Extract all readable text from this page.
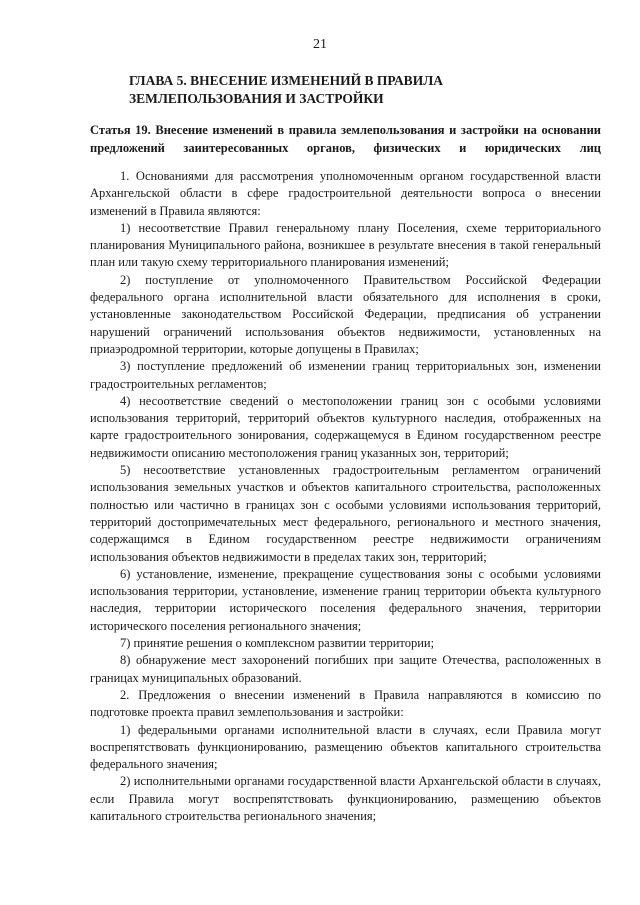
21
ГЛАВА 5. ВНЕСЕНИЕ ИЗМЕНЕНИЙ В ПРАВИЛА ЗЕМЛЕПОЛЬЗОВАНИЯ И ЗАСТРОЙКИ
Статья 19. Внесение изменений в правила землепользования и застройки на основании предложений заинтересованных органов, физических и юридических лиц

1. Основаниями для рассмотрения уполномоченным органом государственной власти Архангельской области в сфере градостроительной деятельности вопроса о внесении изменений в Правила являются:

1) несоответствие Правил генеральному плану Поселения, схеме территориального планирования Муниципального района, возникшее в результате внесения в такой генеральный план или такую схему территориального планирования изменений;

2) поступление от уполномоченного Правительством Российской Федерации федерального органа исполнительной власти обязательного для исполнения в сроки, установленные законодательством Российской Федерации, предписания об устранении нарушений ограничений использования объектов недвижимости, установленных на приаэродромной территории, которые допущены в Правилах;

3) поступление предложений об изменении границ территориальных зон, изменении градостроительных регламентов;

4) несоответствие сведений о местоположении границ зон с особыми условиями использования территорий, территорий объектов культурного наследия, отображенных на карте градостроительного зонирования, содержащемуся в Едином государственном реестре недвижимости описанию местоположения границ указанных зон, территорий;

5) несоответствие установленных градостроительным регламентом ограничений использования земельных участков и объектов капитального строительства, расположенных полностью или частично в границах зон с особыми условиями использования территорий, территорий достопримечательных мест федерального, регионального и местного значения, содержащимся в Едином государственном реестре недвижимости ограничениям использования объектов недвижимости в пределах таких зон, территорий;

6) установление, изменение, прекращение существования зоны с особыми условиями использования территории, установление, изменение границ территории объекта культурного наследия, территории исторического поселения федерального значения, территории исторического поселения регионального значения;

7) принятие решения о комплексном развитии территории;

8) обнаружение мест захоронений погибших при защите Отечества, расположенных в границах муниципальных образований.

2. Предложения о внесении изменений в Правила направляются в комиссию по подготовке проекта правил землепользования и застройки:

1) федеральными органами исполнительной власти в случаях, если Правила могут воспрепятствовать функционированию, размещению объектов капитального строительства федерального значения;

2) исполнительными органами государственной власти Архангельской области в случаях, если Правила могут воспрепятствовать функционированию, размещению объектов капитального строительства регионального значения;
